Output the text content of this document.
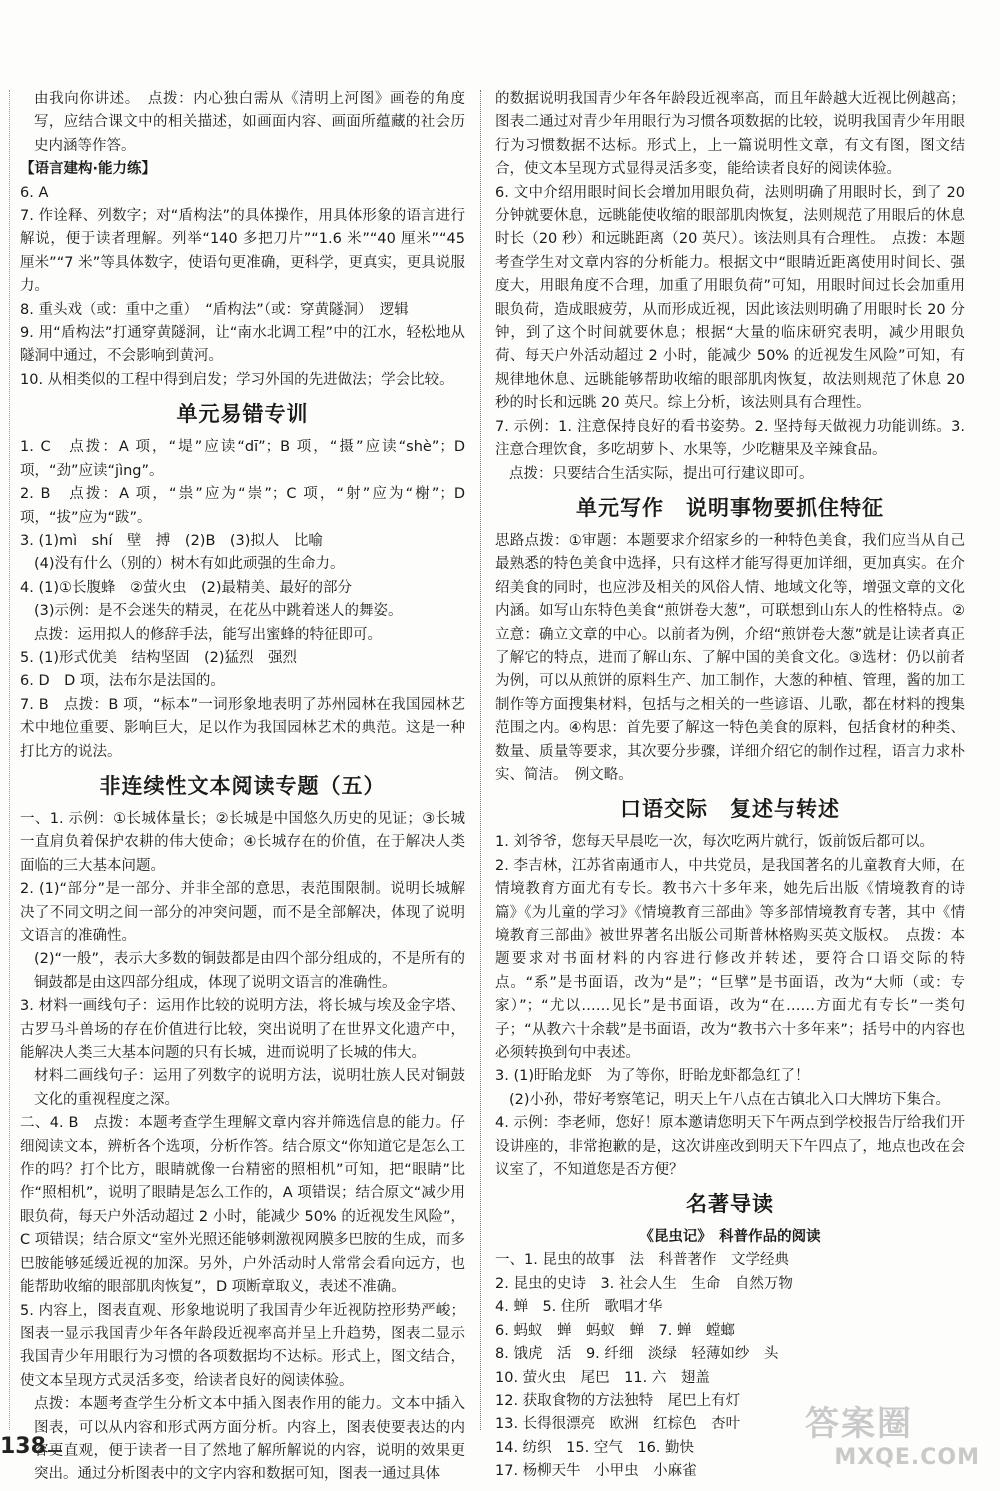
由我向你讲述。　点拨：内心独白需从《清明上河图》画卷的角度写，应结合课文中的相关描述，如画面内容、画面所蕴藏的社会历史内涵等作答。

【语言建构·能力练】

6. A

7. 作诠释、列数字；对“盾构法”的具体操作，用具体形象的语言进行解说，便于读者理解。列举“140 多把刀片”“1.6 米”“40 厘米”“45 厘米”“7 米”等具体数字，使语句更准确，更科学，更真实，更具说服力。

8. 重头戏（或：重中之重）　“盾构法”（或：穿黄隧洞）　逻辑

9. 用“盾构法”打通穿黄隧洞，让“南水北调工程”中的江水，轻松地从隧洞中通过，不会影响到黄河。

10. 从相类似的工程中得到启发；学习外国的先进做法；学会比较。

单元易错专训

1. C　点拨：A 项，“堤”应读“dī”；B 项，“摄”应读“shè”；D 项，“劲”应读“jìng”。

2. B　点拨：A 项，“祟”应为“崇”；C 项，“射”应为“榭”；D 项，“拔”应为“跋”。

3. (1)mì　shí　壁　搏　(2)B　(3)拟人　比喻

(4)没有什么（别的）树木有如此顽强的生命力。

4. (1)①长腹蜂　②萤火虫　(2)最精美、最好的部分

(3)示例：是不会迷失的精灵，在花丛中跳着迷人的舞姿。

点拨：运用拟人的修辞手法，能写出蜜蜂的特征即可。

5. (1)形式优美　结构坚固　(2)猛烈　强烈

6. D　D 项，法布尔是法国的。

7. B　点拨：B 项，“标本”一词形象地表明了苏州园林在我国园林艺术中地位重要、影响巨大，足以作为我国园林艺术的典范。这是一种打比方的说法。

非连续性文本阅读专题（五）

一、1. 示例：①长城体量长；②长城是中国悠久历史的见证；③长城一直肩负着保护农耕的伟大使命；④长城存在的价值，在于解决人类面临的三大基本问题。

2. (1)“部分”是一部分、并非全部的意思，表范围限制。说明长城解决了不同文明之间一部分的冲突问题，而不是全部解决，体现了说明文语言的准确性。

(2)“一般”，表示大多数的铜鼓都是由四个部分组成的，不是所有的铜鼓都是由这四部分组成，体现了说明文语言的准确性。

3. 材料一画线句子：运用作比较的说明方法，将长城与埃及金字塔、古罗马斗兽场的存在价值进行比较，突出说明了在世界文化遗产中，能解决人类三大基本问题的只有长城，进而说明了长城的伟大。

材料二画线句子：运用了列数字的说明方法，说明壮族人民对铜鼓文化的重视程度之深。

二、4. B　点拨：本题考查学生理解文章内容并筛选信息的能力。仔细阅读文本，辨析各个选项，分析作答。结合原文“你知道它是怎么工作的吗？打个比方，眼睛就像一台精密的照相机”可知，把“眼睛”比作“照相机”，说明了眼睛是怎么工作的，A 项错误；结合原文“减少用眼负荷，每天户外活动超过 2 小时，能减少 50% 的近视发生风险”，C 项错误；结合原文“室外光照还能够刺激视网膜多巴胺的生成，而多巴胺能够延缓近视的加深。另外，户外活动时人常常会看向远方，也能帮助收缩的眼部肌肉恢复”，D 项断章取义，表述不准确。

5. 内容上，图表直观、形象地说明了我国青少年近视防控形势严峻；图表一显示我国青少年各年龄段近视率高并呈上升趋势，图表二显示我国青少年用眼行为习惯的各项数据均不达标。形式上，图文结合，使文本呈现方式灵活多变，给读者良好的阅读体验。

点拨：本题考查学生分析文本中插入图表作用的能力。文本中插入图表，可以从内容和形式两方面分析。内容上，图表使要表达的内容更直观，便于读者一目了然地了解所解说的内容，说明的效果更突出。通过分析图表中的文字内容和数据可知，图表一通过具体

的数据说明我国青少年各年龄段近视率高，而且年龄越大近视比例越高；图表二通过对青少年用眼行为习惯各项数据的比较，说明我国青少年用眼行为习惯数据不达标。形式上，上一篇说明性文章，有文有图，图文结合，使文本呈现方式显得灵活多变，能给读者良好的阅读体验。

6. 文中介绍用眼时间长会增加用眼负荷，法则明确了用眼时长，到了 20 分钟就要休息，远眺能使收缩的眼部肌肉恢复，法则规范了用眼后的休息时长（20 秒）和远眺距离（20 英尺）。该法则具有合理性。　点拨：本题考查学生对文章内容的分析能力。根据文中“眼睛近距离使用时间长、强度大，用眼角度不合理，加重了用眼负荷”可知，用眼时间过长会加重用眼负荷，造成眼疲劳，从而形成近视，因此该法则明确了用眼时长 20 分钟，到了这个时间就要休息；根据“大量的临床研究表明，减少用眼负荷、每天户外活动超过 2 小时，能减少 50% 的近视发生风险”可知，有规律地休息、远眺能够帮助收缩的眼部肌肉恢复，故法则规范了休息 20 秒的时长和远眺 20 英尺。综上分析，该法则具有合理性。

7. 示例：1. 注意保持良好的看书姿势。2. 坚持每天做视力功能训练。3. 注意合理饮食，多吃胡萝卜、水果等，少吃糖果及辛辣食品。

点拨：只要结合生活实际，提出可行建议即可。

单元写作　说明事物要抓住特征

思路点拨：①审题：本题要求介绍家乡的一种特色美食，我们应当从自己最熟悉的特色美食中选择，只有这样才能写得更加详细，更加真实。在介绍美食的同时，也应涉及相关的风俗人情、地域文化等，增强文章的文化内涵。如写山东特色美食“煎饼卷大葱”，可联想到山东人的性格特点。②立意：确立文章的中心。以前者为例，介绍“煎饼卷大葱”就是让读者真正了解它的特点，进而了解山东、了解中国的美食文化。③选材：仍以前者为例，可以从煎饼的原料生产、加工制作，大葱的种植、管理，酱的加工制作等方面搜集材料，包括与之相关的一些谚语、儿歌，都在材料的搜集范围之内。④构思：首先要了解这一特色美食的原料，包括食材的种类、数量、质量等要求，其次要分步骤，详细介绍它的制作过程，语言力求朴实、简洁。　例文略。

口语交际　复述与转述

1. 刘爷爷，您每天早晨吃一次，每次吃两片就行，饭前饭后都可以。

2. 李吉林，江苏省南通市人，中共党员，是我国著名的儿童教育大师，在情境教育方面尤有专长。教书六十多年来，她先后出版《情境教育的诗篇》《为儿童的学习》《情境教育三部曲》等多部情境教育专著，其中《情境教育三部曲》被世界著名出版公司斯普林格购买英文版权。　点拨：本题要求对书面材料的内容进行修改并转述，要符合口语交际的特点。“系”是书面语，改为“是”；“巨擘”是书面语，改为“大师（或：专家）”；“尤以……见长”是书面语，改为“在……方面尤有专长”一类句子；“从教六十余载”是书面语，改为“教书六十多年来”；括号中的内容也必须转换到句中表述。

3. (1)盱眙龙虾　为了等你，盱眙龙虾都急红了！

(2)小孙，带好考察笔记，明天上午八点在古镇北入口大牌坊下集合。

4. 示例：李老师，您好！原本邀请您明天下午两点到学校报告厅给我们开设讲座的，非常抱歉的是，这次讲座改到明天下午四点了，地点也改在会议室了，不知道您是否方便？

名著导读
《昆虫记》　科普作品的阅读

一、1. 昆虫的故事　法　科普著作　文学经典

2. 昆虫的史诗　3. 社会人生　生命　自然万物

4. 蝉　5. 住所　歌唱才华

6. 蚂蚁　蝉　蚂蚁　蝉　7. 蝉　螳螂

8. 饿虎　活　9. 纤细　淡绿　轻薄如纱　头

10. 萤火虫　尾巴　11. 六　翅盖

12. 获取食物的方法独特　尾巴上有灯

13. 长得很漂亮　欧洲　红棕色　杏叶

14. 纺织　15. 空气　16. 勤快

17. 杨柳天牛　小甲虫　小麻雀

138
答案圈
MXQE.COM
